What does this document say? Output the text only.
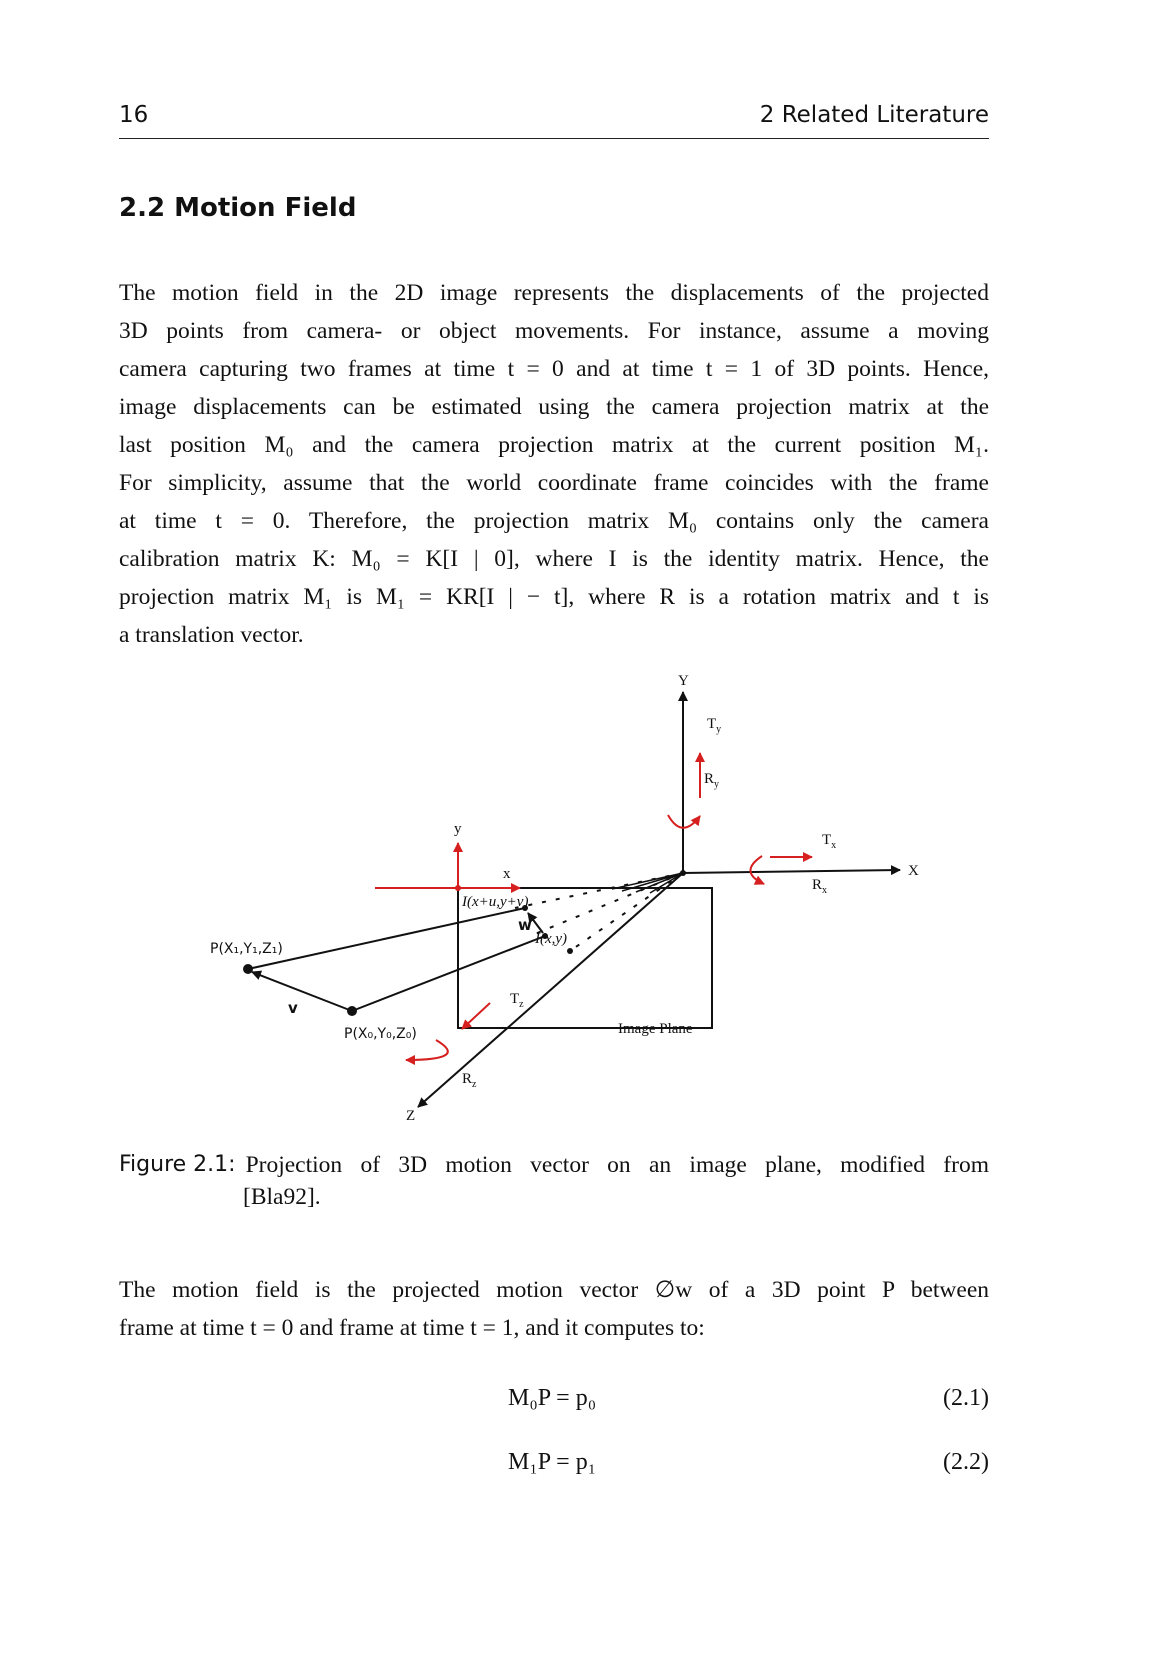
16	2 Related Literature
2.2 Motion Field
The motion field in the 2D image represents the displacements of the projected
3D points from camera- or object movements. For instance, assume a moving
camera capturing two frames at time t = 0 and at time t = 1 of 3D points. Hence,
image displacements can be estimated using the camera projection matrix at the
last position M₀ and the camera projection matrix at the current position M₁.
For simplicity, assume that the world coordinate frame coincides with the frame
at time t = 0. Therefore, the projection matrix M₀ contains only the camera
calibration matrix K: M₀ = K[I | 0], where I is the identity matrix. Hence, the
projection matrix M₁ is M₁ = KR[I | − t], where R is a rotation matrix and t is
a translation vector.
Y
X
Z
$T_y$
$R_y$
$T_x$
$R_x$
$T_z$
$R_z$
y
x
Image Plane
I(x+u,y+v)
I(x,y)
w
v
P(X₁,Y₁,Z₁)
P(X₀,Y₀,Z₀)
Figure 2.1: Projection of 3D motion vector on an image plane, modified from
[Bla92].
The motion field is the projected motion vector ∅w of a 3D point P between
frame at time t = 0 and frame at time t = 1, and it computes to:
M₀P = p₀	(2.1)
M₁P = p₁	(2.2)
